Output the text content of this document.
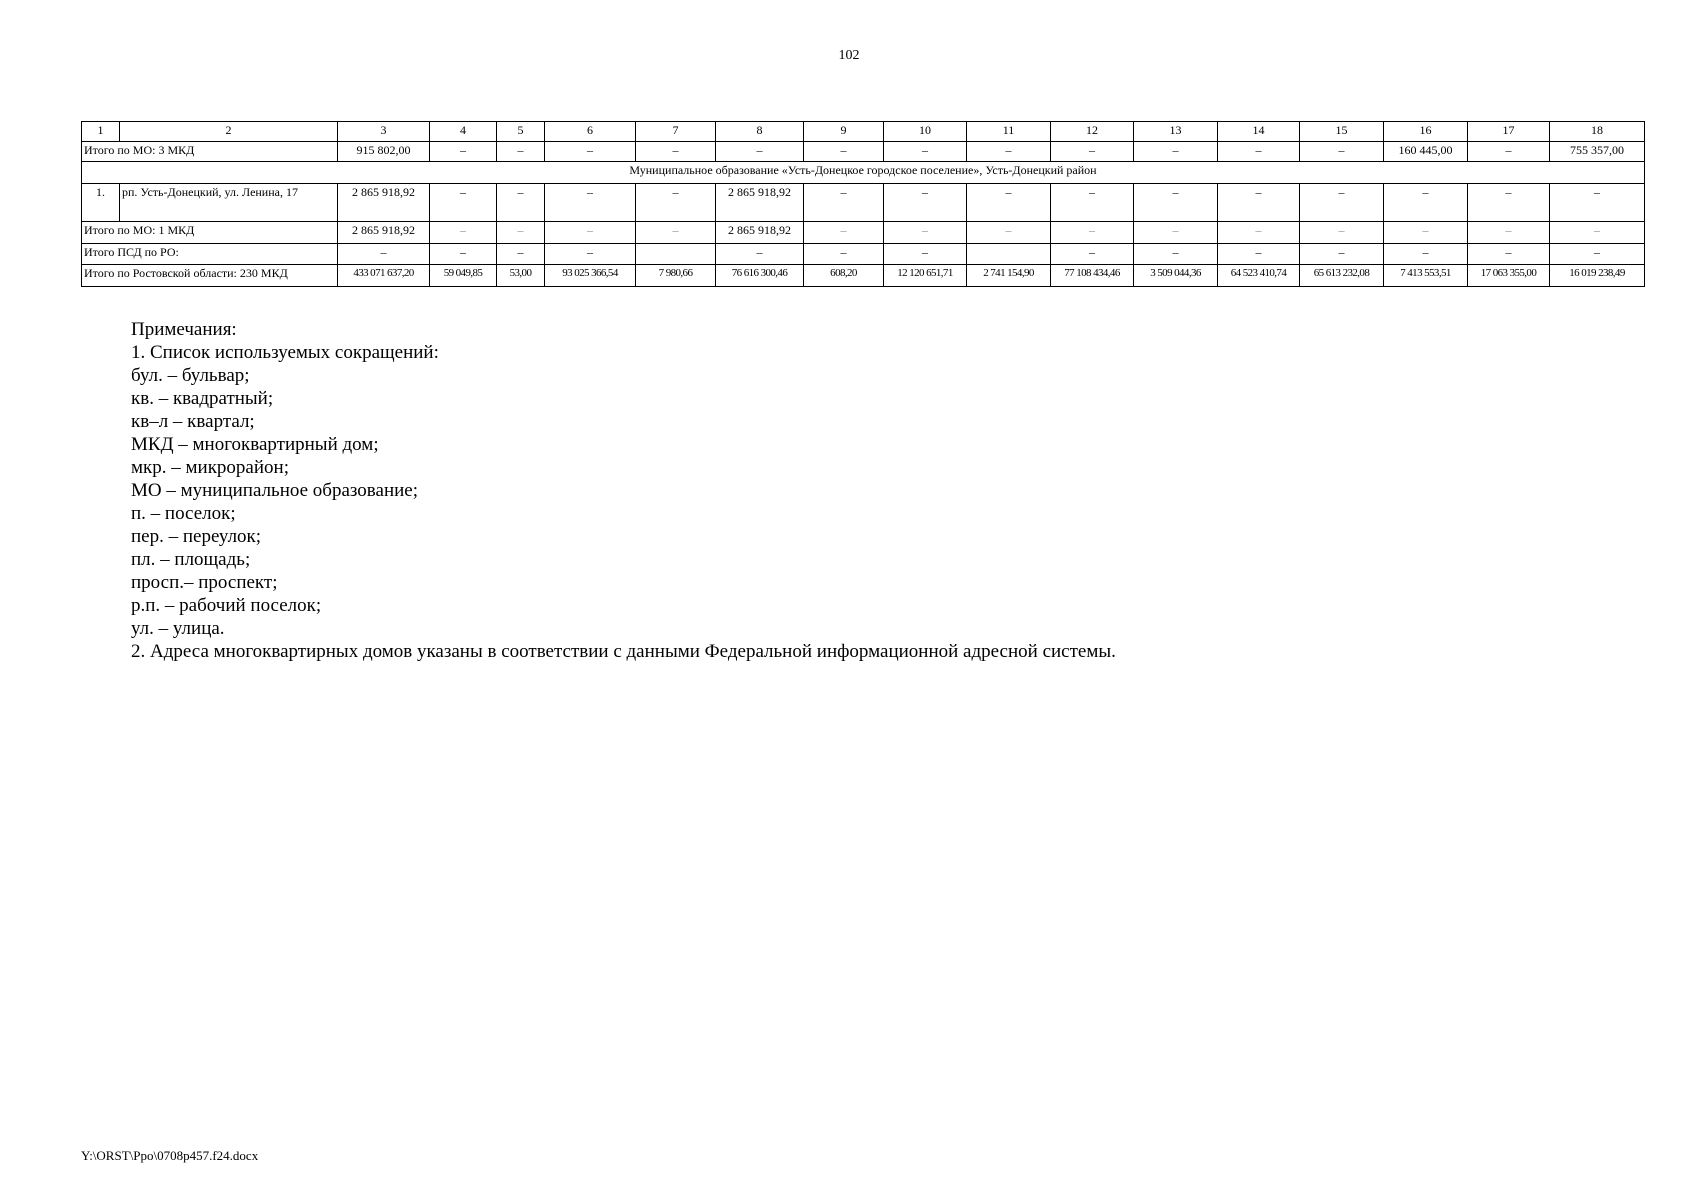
102
1	2	3	4	5	6	7	8	9	10	11	12	13	14	15	16	17	18
Итого по МО: 3 МКД		915 802,00	–	–	–	–	–	–	–	–	–	–	–	–	160 445,00	–	755 357,00
Муниципальное образование «Усть-Донецкое городское поселение», Усть-Донецкий район																	
1.	рп. Усть-Донецкий, ул. Ленина, 17	2 865 918,92	–	–	–	–	2 865 918,92	–	–	–	–	–	–	–	–	–	–
Итого по МО: 1 МКД		2 865 918,92	–	–	–	–	2 865 918,92	–	–	–	–	–	–	–	–	–	–
Итого ПСД по РО:		–	–	–	–		–	–	–		–	–	–	–	–	–	–
Итого по Ростовской области: 230 МКД		433 071 637,20	59 049,85	53,00	93 025 366,54	7 980,66	76 616 300,46	608,20	12 120 651,71	2 741 154,90	77 108 434,46	3 509 044,36	64 523 410,74	65 613 232,08	7 413 553,51	17 063 355,00	16 019 238,49
Примечания:
1. Список используемых сокращений:
бул. – бульвар;
кв. – квадратный;
кв–л – квартал;
МКД – многоквартирный дом;
мкр. – микрорайон;
МО – муниципальное образование;
п. – поселок;
пер. – переулок;
пл. – площадь;
просп.– проспект;
р.п. – рабочий поселок;
ул. – улица.
2. Адреса многоквартирных домов указаны в соответствии с данными Федеральной информационной адресной системы.
Y:\ORST\Ppo\0708p457.f24.docx
